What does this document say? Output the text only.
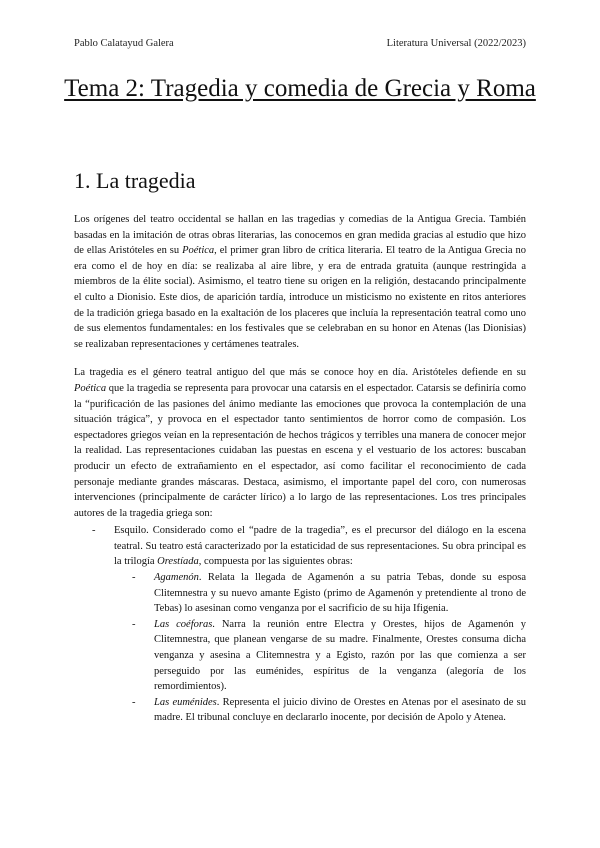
Pablo Calatayud Galera	Literatura Universal (2022/2023)
Tema 2: Tragedia y comedia de Grecia y Roma
1. La tragedia

Los orígenes del teatro occidental se hallan en las tragedias y comedias de la Antigua Grecia. También basadas en la imitación de otras obras literarias, las conocemos en gran medida gracias al estudio que hizo de ellas Aristóteles en su Poética, el primer gran libro de crítica literaria. El teatro de la Antigua Grecia no era como el de hoy en día: se realizaba al aire libre, y era de entrada gratuita (aunque restringida a miembros de la élite social). Asimismo, el teatro tiene su origen en la religión, destacando principalmente el culto a Dionisio. Este dios, de aparición tardía, introduce un misticismo no existente en ritos anteriores de la tradición griega basado en la exaltación de los placeres que incluía la representación teatral como uno de sus elementos fundamentales: en los festivales que se celebraban en su honor en Atenas (las Dionisias) se realizaban representaciones y certámenes teatrales.

La tragedia es el género teatral antiguo del que más se conoce hoy en día. Aristóteles defiende en su Poética que la tragedia se representa para provocar una catarsis en el espectador. Catarsis se definiría como la “purificación de las pasiones del ánimo mediante las emociones que provoca la contemplación de una situación trágica”, y provoca en el espectador tanto sentimientos de horror como de compasión. Los espectadores griegos veían en la representación de hechos trágicos y terribles una manera de conocer mejor la realidad. Las representaciones cuidaban las puestas en escena y el vestuario de los actores: buscaban producir un efecto de extrañamiento en el espectador, así como facilitar el reconocimiento de cada personaje mediante grandes máscaras. Destaca, asimismo, el importante papel del coro, con numerosas intervenciones (principalmente de carácter lírico) a lo largo de las representaciones. Los tres principales autores de la tragedia griega son:

- Esquilo. Considerado como el “padre de la tragedia”, es el precursor del diálogo en la escena teatral. Su teatro está caracterizado por la estaticidad de sus representaciones. Su obra principal es la trilogía Orestíada, compuesta por las siguientes obras:
- Agamenón. Relata la llegada de Agamenón a su patria Tebas, donde su esposa Clitemnestra y su nuevo amante Egisto (primo de Agamenón y pretendiente al trono de Tebas) lo asesinan como venganza por el sacrificio de su hija Ifigenia.
- Las coéforas. Narra la reunión entre Electra y Orestes, hijos de Agamenón y Clitemnestra, que planean vengarse de su madre. Finalmente, Orestes consuma dicha venganza y asesina a Clitemnestra y a Egisto, razón por las que comienza a ser perseguido por las euménides, espíritus de la venganza (alegoría de los remordimientos).
- Las euménides. Representa el juicio divino de Orestes en Atenas por el asesinato de su madre. El tribunal concluye en declararlo inocente, por decisión de Apolo y Atenea.
